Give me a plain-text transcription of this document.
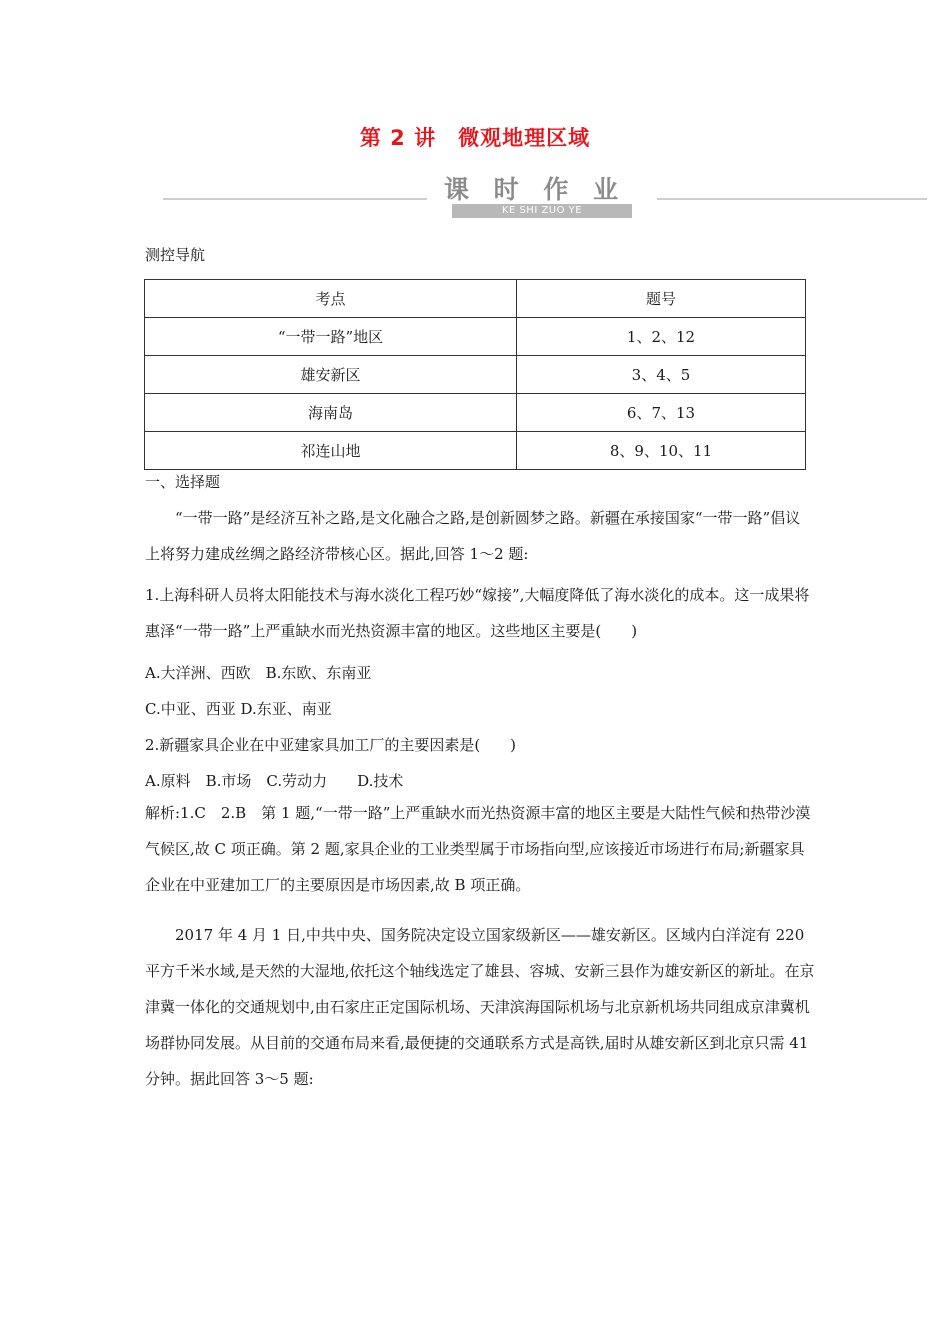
第 2 讲　微观地理区域
课 时 作 业
KE SHI ZUO YE
测控导航
考点	题号
“一带一路”地区	1、2、12
雄安新区	3、4、5
海南岛	6、7、13
祁连山地	8、9、10、11
一、选择题

“一带一路”是经济互补之路,是文化融合之路,是创新圆梦之路。新疆在承接国家“一带一路”倡议上将努力建成丝绸之路经济带核心区。据此,回答 1～2 题:

1.上海科研人员将太阳能技术与海水淡化工程巧妙“嫁接”,大幅度降低了海水淡化的成本。这一成果将惠泽“一带一路”上严重缺水而光热资源丰富的地区。这些地区主要是(　　)

A.大洋洲、西欧　B.东欧、东南亚
C.中亚、西亚 D.东亚、南亚
2.新疆家具企业在中亚建家具加工厂的主要因素是(　　)
A.原料　B.市场　C.劳动力　　D.技术

解析:1.C　2.B　第 1 题,“一带一路”上严重缺水而光热资源丰富的地区主要是大陆性气候和热带沙漠气候区,故 C 项正确。第 2 题,家具企业的工业类型属于市场指向型,应该接近市场进行布局;新疆家具企业在中亚建加工厂的主要原因是市场因素,故 B 项正确。

2017 年 4 月 1 日,中共中央、国务院决定设立国家级新区——雄安新区。区域内白洋淀有 220 平方千米水域,是天然的大湿地,依托这个轴线选定了雄县、容城、安新三县作为雄安新区的新址。在京津冀一体化的交通规划中,由石家庄正定国际机场、天津滨海国际机场与北京新机场共同组成京津冀机场群协同发展。从目前的交通布局来看,最便捷的交通联系方式是高铁,届时从雄安新区到北京只需 41 分钟。据此回答 3～5 题:
